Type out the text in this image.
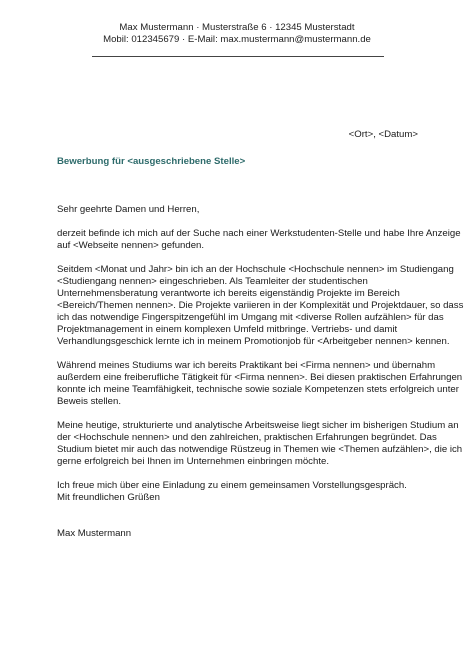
Max Mustermann · Musterstraße 6 · 12345 Musterstadt
Mobil: 012345679 · E-Mail: max.mustermann@mustermann.de
<Ort>, <Datum>
Bewerbung für <ausgeschriebene Stelle>

Sehr geehrte Damen und Herren,

derzeit befinde ich mich auf der Suche nach einer Werkstudenten-Stelle und habe Ihre Anzeige
auf <Webseite nennen> gefunden.

Seitdem <Monat und Jahr> bin ich an der Hochschule <Hochschule nennen> im Studiengang
<Studiengang nennen> eingeschrieben. Als Teamleiter der studentischen
Unternehmensberatung verantworte ich bereits eigenständig Projekte im Bereich
<Bereich/Themen nennen>. Die Projekte variieren in der Komplexität und Projektdauer, so dass
ich das notwendige Fingerspitzengefühl im Umgang mit <diverse Rollen aufzählen> für das
Projektmanagement in einem komplexen Umfeld mitbringe. Vertriebs- und damit
Verhandlungsgeschick lernte ich in meinem Promotionjob für <Arbeitgeber nennen> kennen.

Während meines Studiums war ich bereits Praktikant bei <Firma nennen> und übernahm
außerdem eine freiberufliche Tätigkeit für <Firma nennen>. Bei diesen praktischen Erfahrungen
konnte ich meine Teamfähigkeit, technische sowie soziale Kompetenzen stets erfolgreich unter
Beweis stellen.

Meine heutige, strukturierte und analytische Arbeitsweise liegt sicher im bisherigen Studium an
der <Hochschule nennen> und den zahlreichen, praktischen Erfahrungen begründet. Das
Studium bietet mir auch das notwendige Rüstzeug in Themen wie <Themen aufzählen>, die ich
gerne erfolgreich bei Ihnen im Unternehmen einbringen möchte.

Ich freue mich über eine Einladung zu einem gemeinsamen Vorstellungsgespräch.

Mit freundlichen Grüßen
Max Mustermann
